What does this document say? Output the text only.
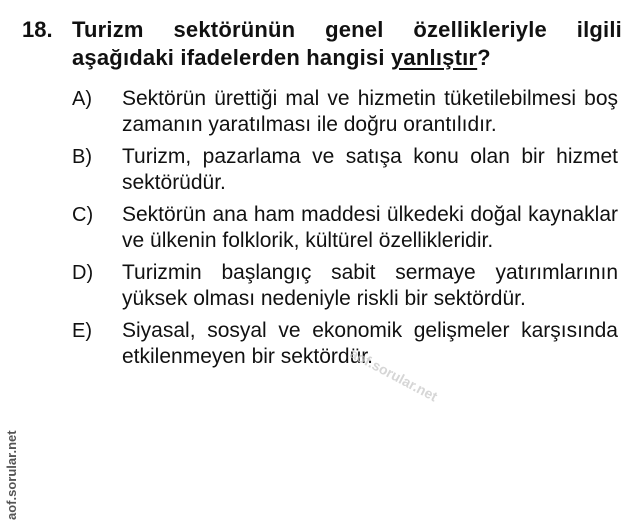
18. Turizm sektörünün genel özellikleriyle ilgili aşağıdaki ifadelerden hangisi yanlıştır?
A)	Sektörün ürettiği mal ve hizmetin tüketilebilmesi boş zamanın yaratılması ile doğru orantılıdır.
B)	Turizm, pazarlama ve satışa konu olan bir hizmet sektörüdür.
C)	Sektörün ana ham maddesi ülkedeki doğal kaynaklar ve ülkenin folklorik, kültürel özellikleridir.
D)	Turizmin başlangıç sabit sermaye yatırımlarının yüksek olması nedeniyle riskli bir sektördür.
E)	Siyasal, sosyal ve ekonomik gelişmeler karşısında etkilenmeyen bir sektördür.
aof.sorular.net
aof.sorular.net
